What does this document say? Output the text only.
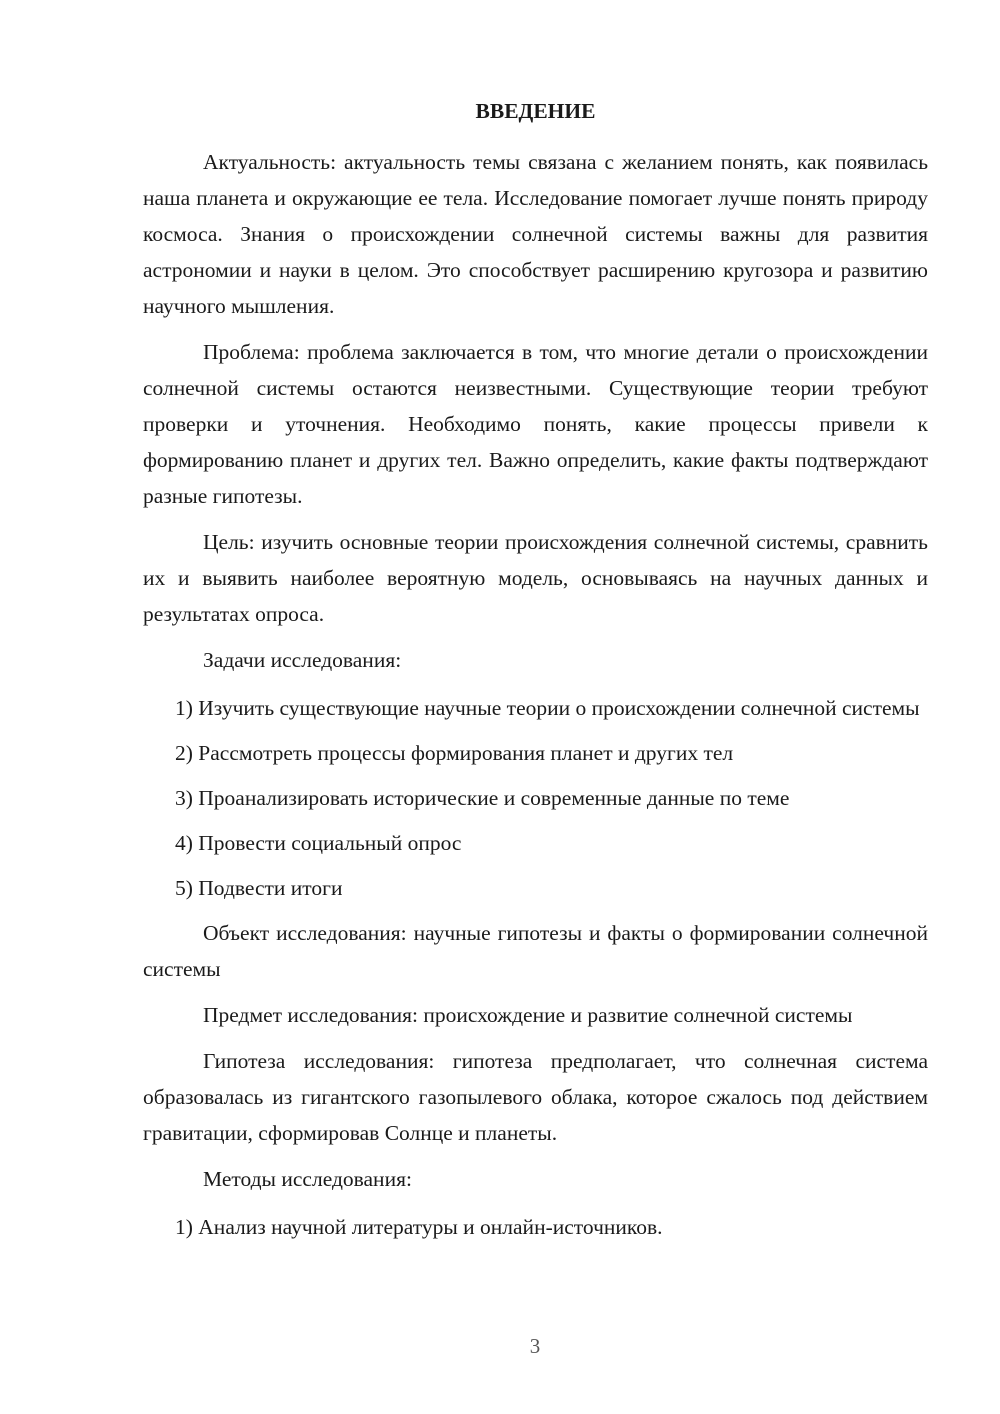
ВВЕДЕНИЕ

Актуальность: актуальность темы связана с желанием понять, как появилась наша планета и окружающие ее тела. Исследование помогает лучше понять природу космоса. Знания о происхождении солнечной системы важны для развития астрономии и науки в целом. Это способствует расширению кругозора и развитию научного мышления.

Проблема: проблема заключается в том, что многие детали о происхождении солнечной системы остаются неизвестными. Существующие теории требуют проверки и уточнения. Необходимо понять, какие процессы привели к формированию планет и других тел. Важно определить, какие факты подтверждают разные гипотезы.

Цель: изучить основные теории происхождения солнечной системы, сравнить их и выявить наиболее вероятную модель, основываясь на научных данных и результатах опроса.

Задачи исследования:

1) Изучить существующие научные теории о происхождении солнечной системы

2) Рассмотреть процессы формирования планет и других тел

3) Проанализировать исторические и современные данные по теме

4) Провести социальный опрос

5) Подвести итоги

Объект исследования: научные гипотезы и факты о формировании солнечной системы

Предмет исследования: происхождение и развитие солнечной системы

Гипотеза исследования: гипотеза предполагает, что солнечная система образовалась из гигантского газопылевого облака, которое сжалось под действием гравитации, сформировав Солнце и планеты.

Методы исследования:

1) Анализ научной литературы и онлайн-источников.

3
